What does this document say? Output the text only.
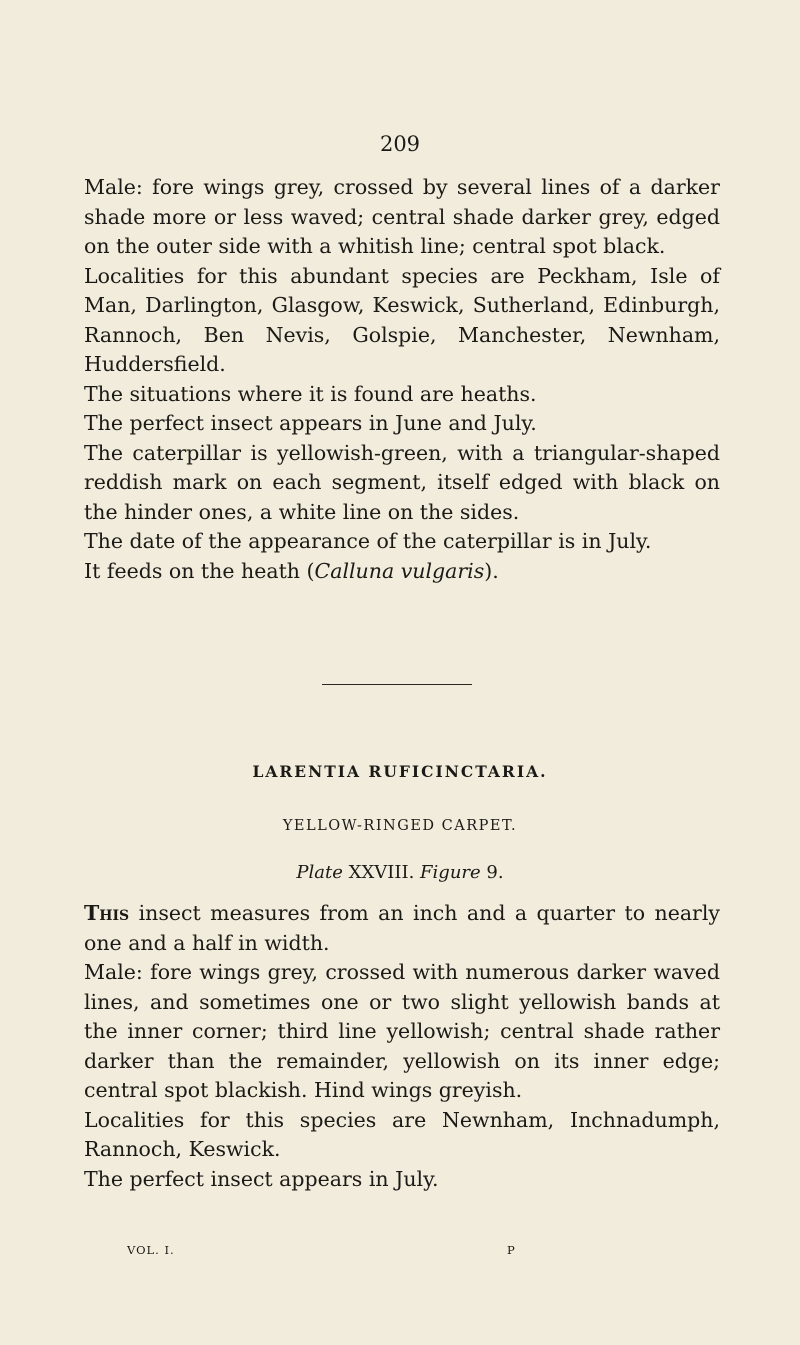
209

Male: fore wings grey, crossed by several lines of a darker shade more or less waved; central shade darker grey, edged on the outer side with a whitish line; central spot black.

Localities for this abundant species are Peckham, Isle of Man, Darlington, Glasgow, Keswick, Sutherland, Edinburgh, Rannoch, Ben Nevis, Golspie, Manchester, Newnham, Huddersfield.

The situations where it is found are heaths.

The perfect insect appears in June and July.

The caterpillar is yellowish-green, with a triangular-shaped reddish mark on each segment, itself edged with black on the hinder ones, a white line on the sides.

The date of the appearance of the caterpillar is in July.

It feeds on the heath (Calluna vulgaris).

LARENTIA RUFICINCTARIA.
YELLOW-RINGED CARPET.
Plate XXVIII. Figure 9.

This insect measures from an inch and a quarter to nearly one and a half in width.

Male: fore wings grey, crossed with numerous darker waved lines, and sometimes one or two slight yellowish bands at the inner corner; third line yellowish; central shade rather darker than the remainder, yellowish on its inner edge; central spot blackish. Hind wings greyish.

Localities for this species are Newnham, Inchnadumph, Rannoch, Keswick.

The perfect insect appears in July.

VOL. I.	P
